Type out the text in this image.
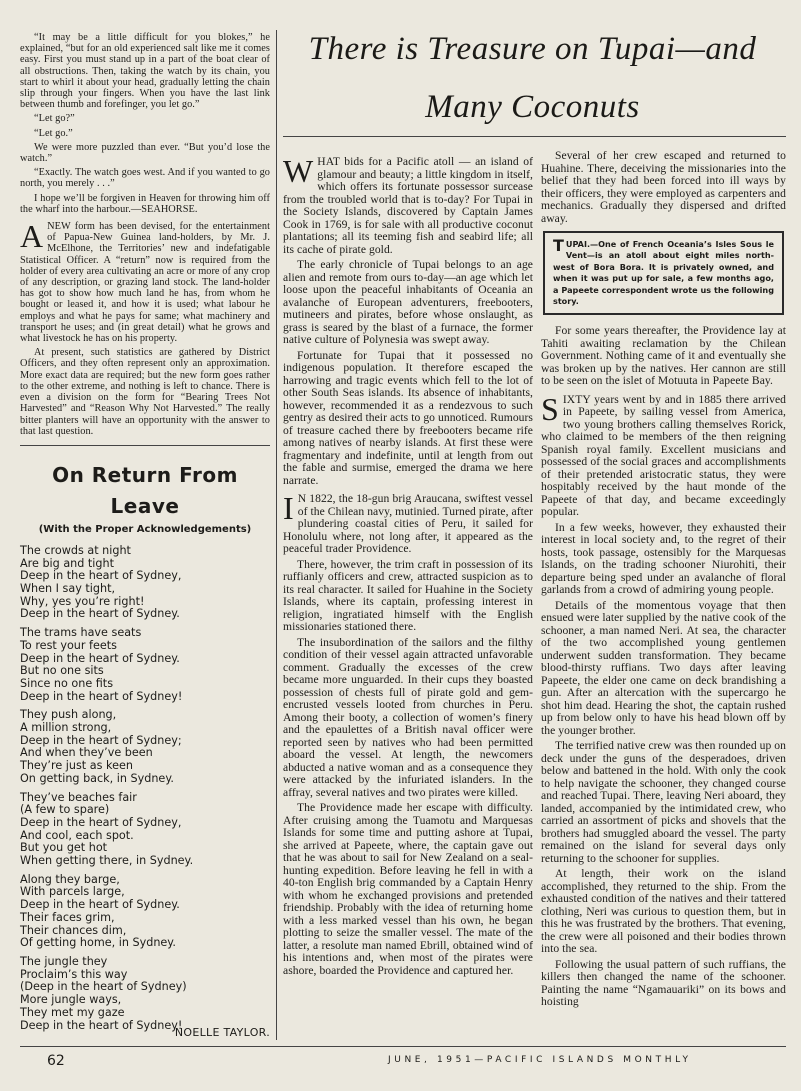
“It may be a little difficult for you blokes,” he explained, “but for an old experienced salt like me it comes easy. First you must stand up in a part of the boat clear of all obstructions. Then, taking the watch by its chain, you start to whirl it about your head, gradually letting the chain slip through your fingers. When you have the last link between thumb and forefinger, you let go.”

“Let go?”

“Let go.”

We were more puzzled than ever. “But you’d lose the watch.”

“Exactly. The watch goes west. And if you wanted to go north, you merely . . .”

I hope we’ll be forgiven in Heaven for throwing him off the wharf into the harbour.—SEAHORSE.

ANEW form has been devised, for the entertainment of Papua-New Guinea land-holders, by Mr. J. McElhone, the Territories’ new and indefatigable Statistical Officer. A “return” now is required from the holder of every area cultivating an acre or more of any crop of any description, or grazing land stock. The land-holder has got to show how much land he has, from whom he bought or leased it, and how it is used; what labour he employs and what he pays for same; what machinery and transport he uses; and (in great detail) what he grows and what livestock he has on his property.

At present, such statistics are gathered by District Officers, and they often represent only an approximation. More exact data are required; but the new form goes rather to the other extreme, and nothing is left to chance. There is even a division on the form for “Bearing Trees Not Harvested” and “Reason Why Not Harvested.” The really bitter planters will have an opportunity with the answer to that last question.

On Return From Leave
(With the Proper Acknowledgements)
The crowds at night
Are big and tight
Deep in the heart of Sydney,
When I say tight,
Why, yes you’re right!
Deep in the heart of Sydney.
The trams have seats
To rest your feets
Deep in the heart of Sydney.
But no one sits
Since no one fits
Deep in the heart of Sydney!
They push along,
A million strong,
Deep in the heart of Sydney;
And when they’ve been
They’re just as keen
On getting back, in Sydney.
They’ve beaches fair
(A few to spare)
Deep in the heart of Sydney,
And cool, each spot.
But you get hot
When getting there, in Sydney.
Along they barge,
With parcels large,
Deep in the heart of Sydney.
Their faces grim,
Their chances dim,
Of getting home, in Sydney.
The jungle they
Proclaim’s this way
(Deep in the heart of Sydney)
More jungle ways,
They met my gaze
Deep in the heart of Sydney!
NOELLE TAYLOR.
There is Treasure on Tupai—and
Many Coconuts

WHAT bids for a Pacific atoll — an island of glamour and beauty; a little kingdom in itself, which offers its fortunate possessor surcease from the troubled world that is to-day? For Tupai in the Society Islands, discovered by Captain James Cook in 1769, is for sale with all productive coconut plantations; all its teeming fish and seabird life; all its cache of pirate gold.

The early chronicle of Tupai belongs to an age alien and remote from ours to-day—an age which let loose upon the peaceful inhabitants of Oceania an avalanche of European adventurers, freebooters, mutineers and pirates, before whose onslaught, as grass is seared by the blast of a furnace, the former native culture of Polynesia was swept away.

Fortunate for Tupai that it possessed no indigenous population. It therefore escaped the harrowing and tragic events which fell to the lot of other South Seas islands. Its absence of inhabitants, however, recommended it as a rendezvous to such gentry as desired their acts to go unnoticed. Rumours of treasure cached there by freebooters became rife among natives of nearby islands. At first these were fragmentary and indefinite, until at length from out the fable and surmise, emerged the drama we here narrate.

I N 1822, the 18-gun brig Araucana, swiftest vessel of the Chilean navy, mutinied. Turned pirate, after plundering coastal cities of Peru, it sailed for Honolulu where, not long after, it appeared as the peaceful trader Providence.

There, however, the trim craft in possession of its ruffianly officers and crew, attracted suspicion as to its real character. It sailed for Huahine in the Society Islands, where its captain, professing interest in religion, ingratiated himself with the English missionaries stationed there.

The insubordination of the sailors and the filthy condition of their vessel again attracted unfavorable comment. Gradually the excesses of the crew became more unguarded. In their cups they boasted possession of chests full of pirate gold and gem-encrusted vessels looted from churches in Peru. Among their booty, a collection of women’s finery and the epaulettes of a British naval officer were reported seen by natives who had been permitted aboard the vessel. At length, the newcomers abducted a native woman and as a consequence they were attacked by the infuriated islanders. In the affray, several natives and two pirates were killed.

The Providence made her escape with difficulty. After cruising among the Tuamotu and Marquesas Islands for some time and putting ashore at Tupai, she arrived at Papeete, where, the captain gave out that he was about to sail for New Zealand on a seal-hunting expedition. Before leaving he fell in with a 40-ton English brig commanded by a Captain Henry with whom he exchanged provisions and pretended friendship. Probably with the idea of returning home with a less marked vessel than his own, he began plotting to seize the smaller vessel. The mate of the latter, a resolute man named Ebrill, obtained wind of his intentions and, when most of the pirates were ashore, boarded the Providence and captured her.

Several of her crew escaped and returned to Huahine. There, deceiving the missionaries into the belief that they had been forced into ill ways by their officers, they were employed as carpenters and mechanics. Gradually they dispersed and drifted away.

TUPAI.—One of French Oceania’s Isles Sous le Vent—is an atoll about eight miles north-west of Bora Bora. It is privately owned, and when it was put up for sale, a few months ago, a Papeete correspondent wrote us the following story.

For some years thereafter, the Providence lay at Tahiti awaiting reclamation by the Chilean Government. Nothing came of it and eventually she was broken up by the natives. Her cannon are still to be seen on the islet of Motuuta in Papeete Bay.

SIXTY years went by and in 1885 there arrived in Papeete, by sailing vessel from America, two young brothers calling themselves Rorick, who claimed to be members of the then reigning Spanish royal family. Excellent musicians and possessed of the social graces and accomplishments of their pretended aristocratic status, they were hospitably received by the haut monde of the Papeete of that day, and became exceedingly popular.

In a few weeks, however, they exhausted their interest in local society and, to the regret of their hosts, took passage, ostensibly for the Marquesas Islands, on the trading schooner Niurohiti, their departure being sped under an avalanche of floral garlands from a crowd of admiring young people.

Details of the momentous voyage that then ensued were later supplied by the native cook of the schooner, a man named Neri. At sea, the character of the two accomplished young gentlemen underwent sudden transformation. They became blood-thirsty ruffians. Two days after leaving Papeete, the elder one came on deck brandishing a gun. After an altercation with the supercargo he shot him dead. Hearing the shot, the captain rushed up from below only to have his head blown off by the younger brother.

The terrified native crew was then rounded up on deck under the guns of the desperadoes, driven below and battened in the hold. With only the cook to help navigate the schooner, they changed course and reached Tupai. There, leaving Neri aboard, they landed, accompanied by the intimidated crew, who carried an assortment of picks and shovels that the brothers had smuggled aboard the vessel. The party remained on the island for several days only returning to the schooner for supplies.

At length, their work on the island accomplished, they returned to the ship. From the exhausted condition of the natives and their tattered clothing, Neri was curious to question them, but in this he was frustrated by the brothers. That evening, the crew were all poisoned and their bodies thrown into the sea.

Following the usual pattern of such ruffians, the killers then changed the name of the schooner. Painting the name “Ngamauariki” on its bows and hoisting

62	JUNE, 1951—PACIFIC ISLANDS MONTHLY
